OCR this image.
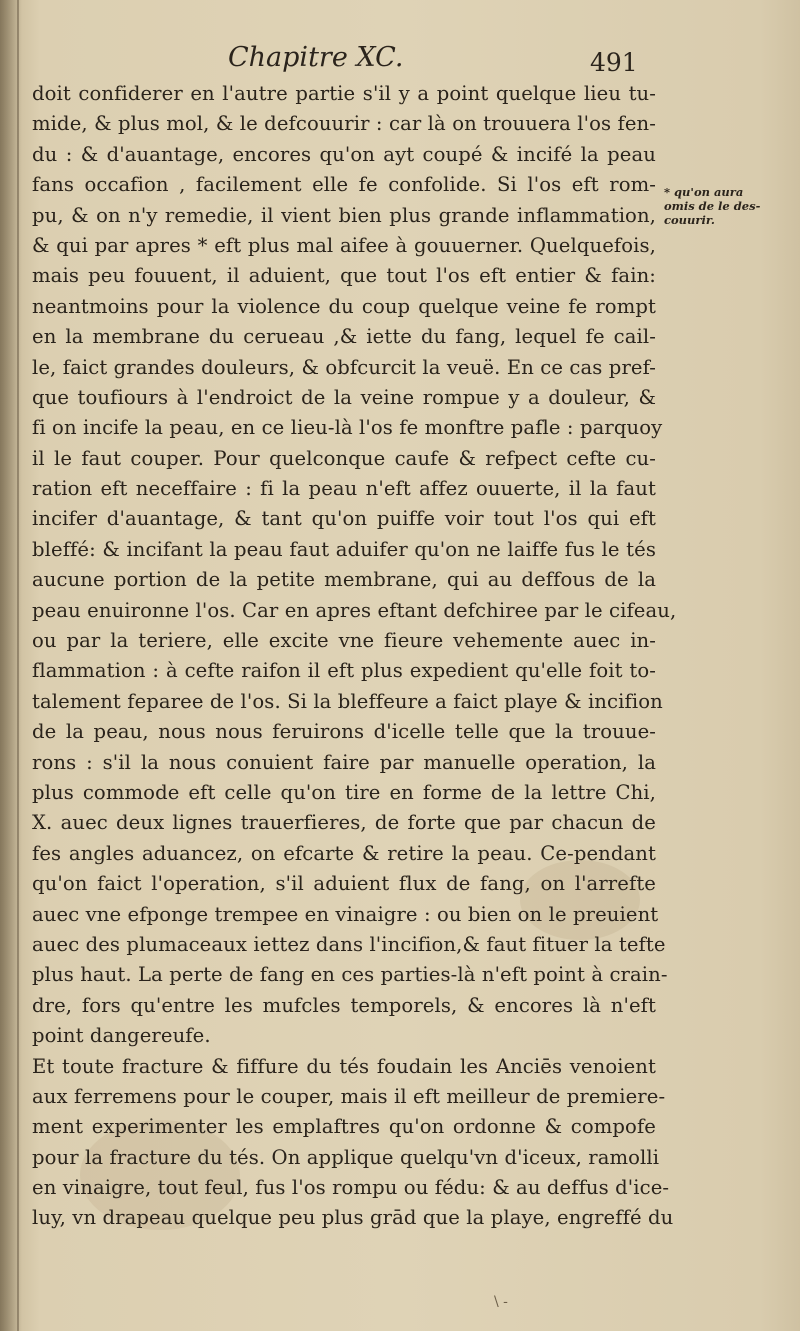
Chapitre XC.	491
doit confiderer en l'autre partie s'il y a point quelque lieu tu-
mide, & plus mol, & le defcouurir : car là on trouuera l'os fen-
du : & d'auantage, encores qu'on ayt coupé & incifé la peau
fans occafion , facilement elle fe confolide. Si l'os eft rom-
pu, & on n'y remedie, il vient bien plus grande inflammation,
& qui par apres * eft plus mal aifee à gouuerner. Quelquefois,
mais peu fouuent, il aduient, que tout l'os eft entier & fain:
neantmoins pour la violence du coup quelque veine fe rompt
en la membrane du cerueau ,& iette du fang, lequel fe cail-
le, faict grandes douleurs, & obfcurcit la veuë. En ce cas pref-
que toufiours à l'endroict de la veine rompue y a douleur, &
fi on incife la peau, en ce lieu-là l'os fe monftre pafle : parquoy
il le faut couper. Pour quelconque caufe & refpect cefte cu-
ration eft neceffaire : fi la peau n'eft affez ouuerte, il la faut
incifer d'auantage, & tant qu'on puiffe voir tout l'os qui eft
bleffé: & incifant la peau faut aduifer qu'on ne laiffe fus le tés
aucune portion de la petite membrane, qui au deffous de la
peau enuironne l'os. Car en apres eftant defchiree par le cifeau,
ou par la teriere, elle excite vne fieure vehemente auec in-
flammation : à cefte raifon il eft plus expedient qu'elle foit to-
talement feparee de l'os. Si la bleffeure a faict playe & incifion
de la peau, nous nous feruirons d'icelle telle que la trouue-
rons : s'il la nous conuient faire par manuelle operation, la
plus commode eft celle qu'on tire en forme de la lettre Chi,
X. auec deux lignes trauerfieres, de forte que par chacun de
fes angles aduancez, on efcarte & retire la peau. Ce-pendant
qu'on faict l'operation, s'il aduient flux de fang, on l'arrefte
auec vne efponge trempee en vinaigre : ou bien on le preuient
auec des plumaceaux iettez dans l'incifion,& faut fituer la tefte
plus haut. La perte de fang en ces parties-là n'eft point à crain-
dre, fors qu'entre les mufcles temporels, & encores là n'eft
point dangereufe.
Et toute fracture & fiffure du tés foudain les Anciēs venoient
aux ferremens pour le couper, mais il eft meilleur de premiere-
ment experimenter les emplaftres qu'on ordonne & compofe
pour la fracture du tés. On applique quelqu'vn d'iceux, ramolli
en vinaigre, tout feul, fus l'os rompu ou fédu: & au deffus d'ice-
luy, vn drapeau quelque peu plus grād que la playe, engreffé du
* qu'on aura
omis de le des-
couurir.
\ -
